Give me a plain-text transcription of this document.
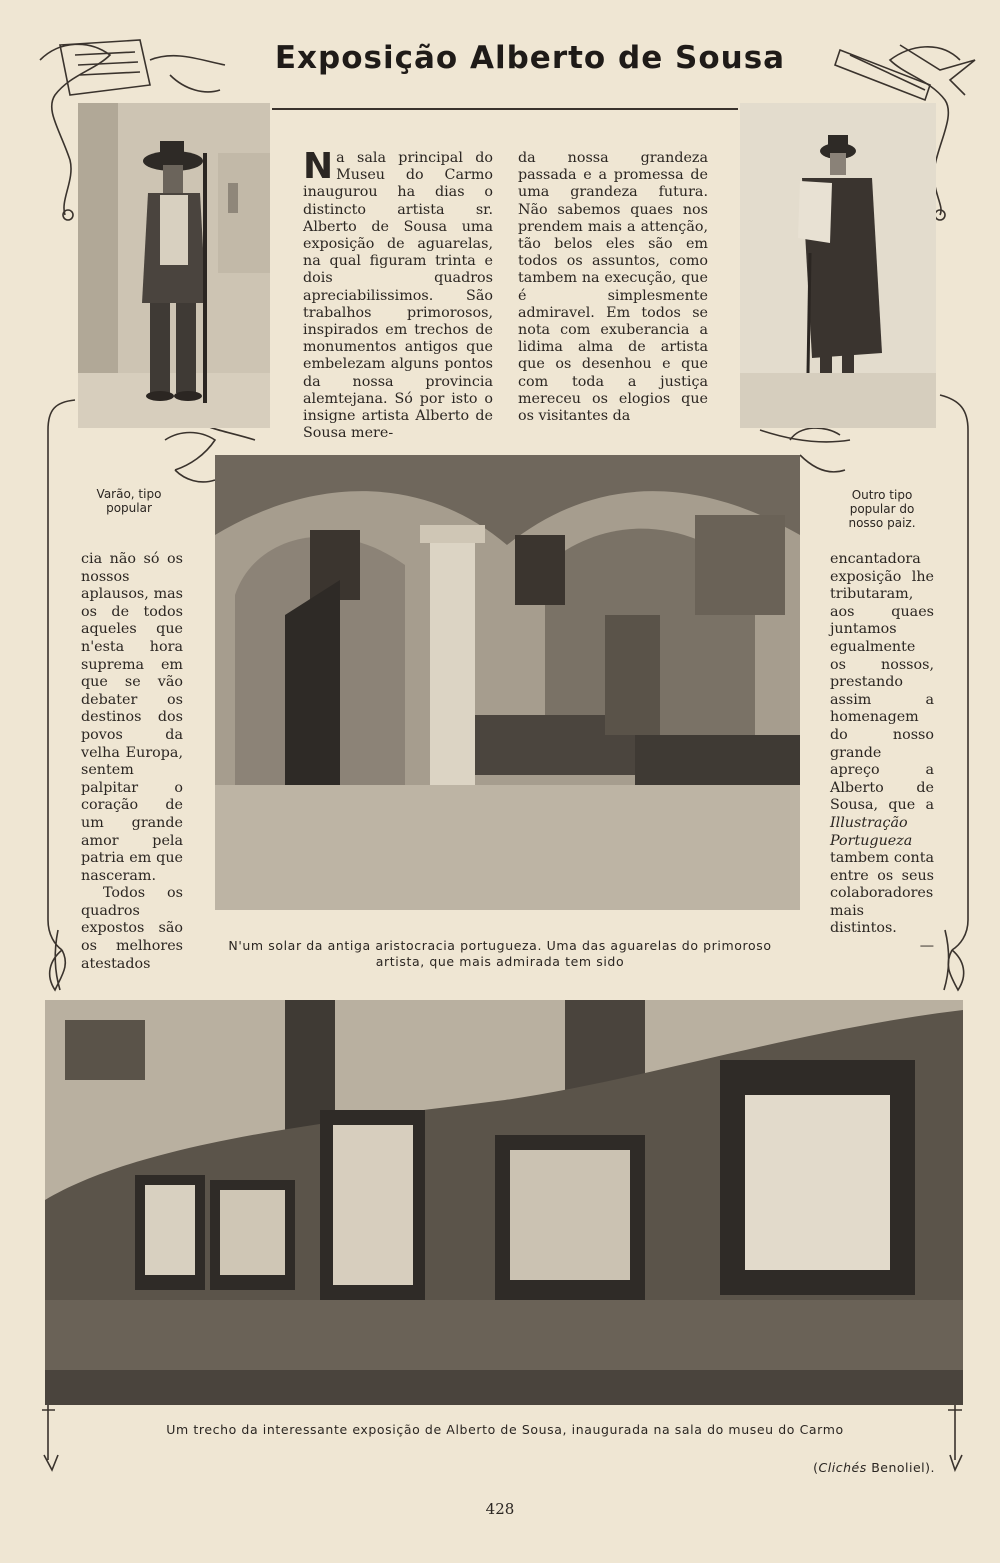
Exposição Alberto de Sousa

Na sala principal do Museu do Carmo inaugurou ha dias o distincto artista sr. Alberto de Sousa uma exposição de aguarelas, na qual figuram trinta e dois quadros apreciabilissimos. São trabalhos primorosos, inspirados em trechos de monumentos antigos que embelezam alguns pontos da nossa provincia alemtejana. Só por isto o insigne artista Alberto de Sousa mere-

da nossa grandeza passada e a promessa de uma grandeza futura. Não sabemos quaes nos prendem mais a attenção, tão belos eles são em todos os assuntos, como tambem na execução, que é simplesmente admiravel. Em todos se nota com exuberancia a lidima alma de artista que os desenhou e que com toda a justiça mereceu os elogios que os visitantes da

Varão, tipo popular
Outro tipo popular do nosso paiz.
N'um solar da antiga aristocracia portugueza. Uma das aguarelas do primoroso artista, que mais admirada tem sido

cia não só os nossos aplausos, mas os de todos aqueles que n'esta hora suprema em que se vão debater os destinos dos povos da velha Europa, sentem palpitar o coração de um grande amor pela patria em que nasceram.

Todos os quadros expostos são os melhores atestados

encantadora exposição lhe tributaram, aos quaes juntamos egualmente os nossos, prestando assim a homenagem do nosso grande apreço a Alberto de Sousa, que a Illustração Portugueza tambem conta entre os seus colaboradores mais distintos.

—

Um trecho da interessante exposição de Alberto de Sousa, inaugurada na sala do museu do Carmo
(Clichés Benoliel).
428
